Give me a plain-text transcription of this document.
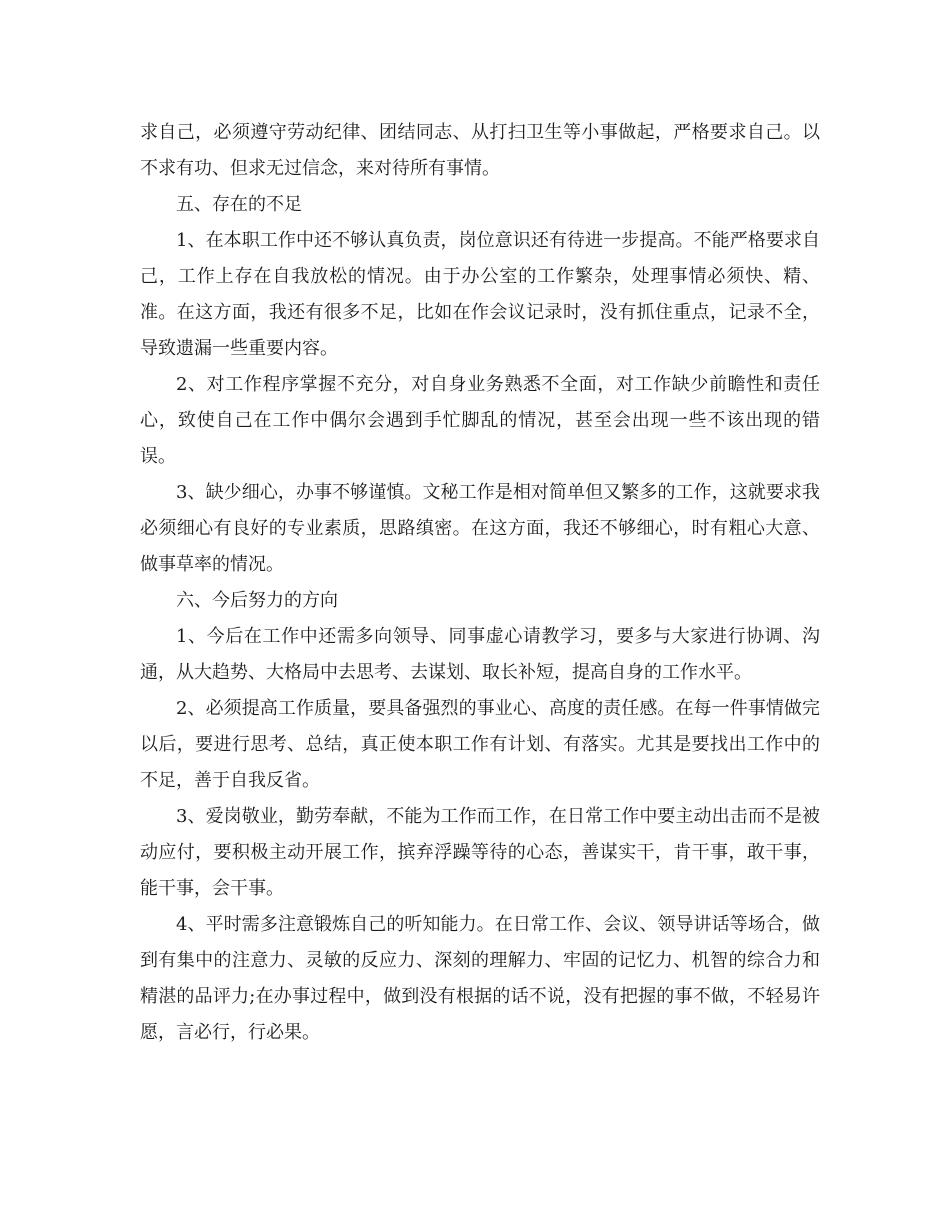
求自己，必须遵守劳动纪律、团结同志、从打扫卫生等小事做起，严格要求自己。以不求有功、但求无过信念，来对待所有事情。

五、存在的不足

1、在本职工作中还不够认真负责，岗位意识还有待进一步提高。不能严格要求自己，工作上存在自我放松的情况。由于办公室的工作繁杂，处理事情必须快、精、准。在这方面，我还有很多不足，比如在作会议记录时，没有抓住重点，记录不全，导致遗漏一些重要内容。

2、对工作程序掌握不充分，对自身业务熟悉不全面，对工作缺少前瞻性和责任心，致使自己在工作中偶尔会遇到手忙脚乱的情况，甚至会出现一些不该出现的错误。

3、缺少细心，办事不够谨慎。文秘工作是相对简单但又繁多的工作，这就要求我必须细心有良好的专业素质，思路缜密。在这方面，我还不够细心，时有粗心大意、做事草率的情况。

六、今后努力的方向

1、今后在工作中还需多向领导、同事虚心请教学习，要多与大家进行协调、沟通，从大趋势、大格局中去思考、去谋划、取长补短，提高自身的工作水平。

2、必须提高工作质量，要具备强烈的事业心、高度的责任感。在每一件事情做完以后，要进行思考、总结，真正使本职工作有计划、有落实。尤其是要找出工作中的不足，善于自我反省。

3、爱岗敬业，勤劳奉献，不能为工作而工作，在日常工作中要主动出击而不是被动应付，要积极主动开展工作，摈弃浮躁等待的心态，善谋实干，肯干事，敢干事，能干事，会干事。

4、平时需多注意锻炼自己的听知能力。在日常工作、会议、领导讲话等场合，做到有集中的注意力、灵敏的反应力、深刻的理解力、牢固的记忆力、机智的综合力和精湛的品评力;在办事过程中，做到没有根据的话不说，没有把握的事不做，不轻易许愿，言必行，行必果。
